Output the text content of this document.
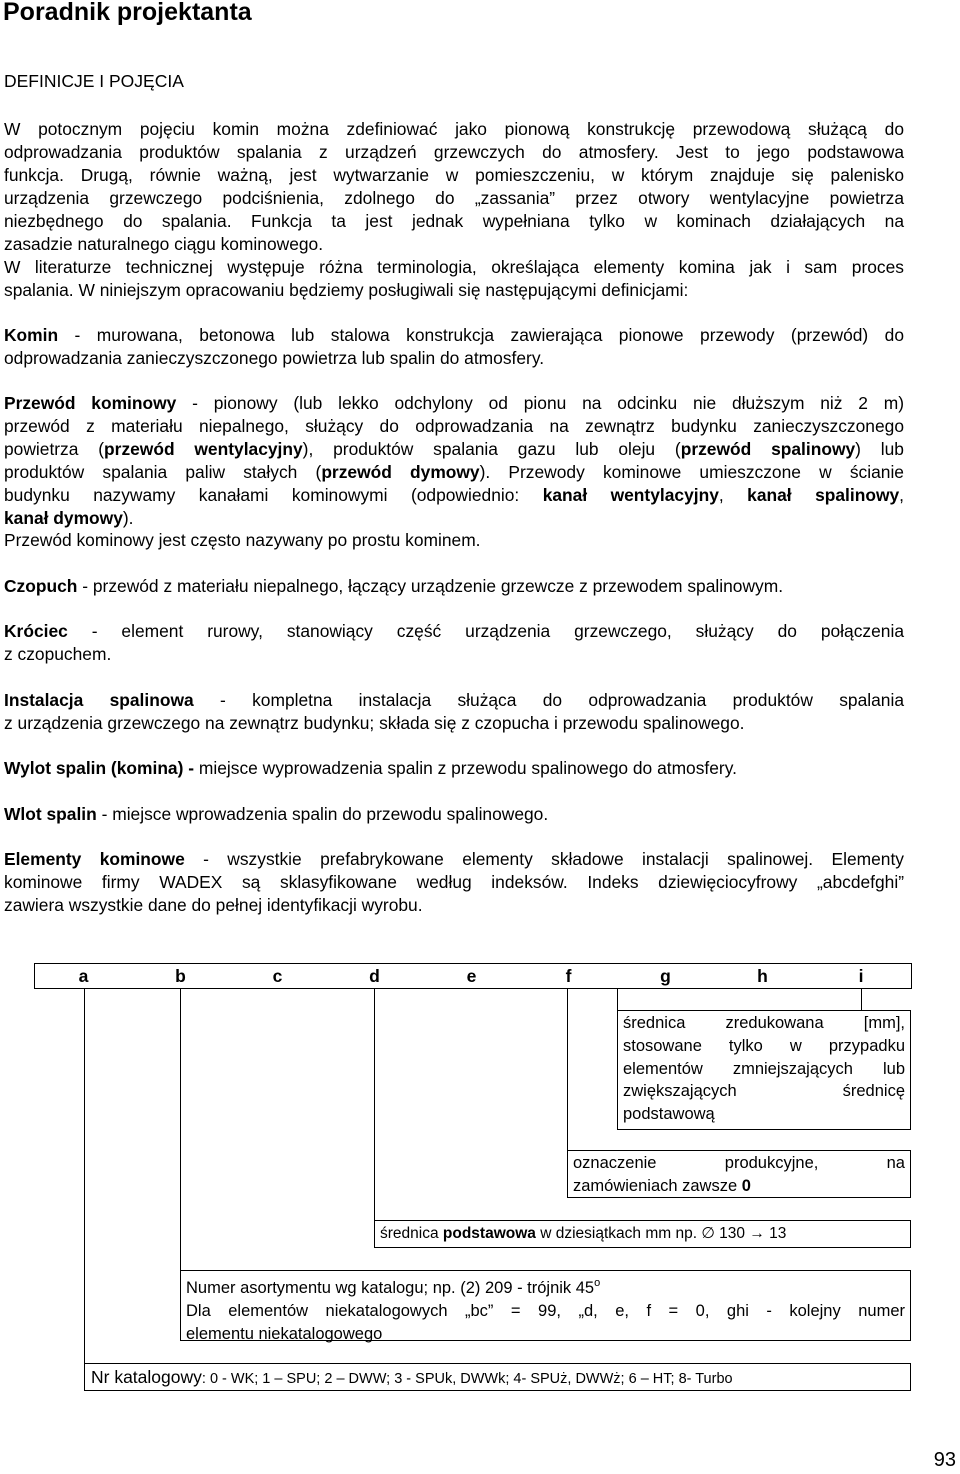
Poradnik projektanta
DEFINICJE I POJĘCIA
W potocznym pojęciu komin można zdefiniować jako pionową konstrukcję przewodową służącą do
odprowadzania produktów spalania z urządzeń grzewczych do atmosfery. Jest to jego podstawowa
funkcja. Drugą, równie ważną, jest wytwarzanie w pomieszczeniu, w którym znajduje się palenisko
urządzenia grzewczego podciśnienia, zdolnego do „zassania” przez otwory wentylacyjne powietrza
niezbędnego do spalania. Funkcja ta jest jednak wypełniana tylko w kominach działających na
zasadzie naturalnego ciągu kominowego.
W literaturze technicznej występuje różna terminologia, określająca elementy komina jak i sam proces
spalania. W niniejszym opracowaniu będziemy posługiwali się następującymi definicjami:
Komin - murowana, betonowa lub stalowa konstrukcja zawierająca pionowe przewody (przewód) do
odprowadzania zanieczyszczonego powietrza lub spalin do atmosfery.
Przewód kominowy - pionowy (lub lekko odchylony od pionu na odcinku nie dłuższym niż 2 m)
przewód z materiału niepalnego, służący do odprowadzania na zewnątrz budynku zanieczyszczonego
powietrza (przewód wentylacyjny), produktów spalania gazu lub oleju (przewód spalinowy) lub
produktów spalania paliw stałych (przewód dymowy). Przewody kominowe umieszczone w ścianie
budynku nazywamy kanałami kominowymi (odpowiednio: kanał wentylacyjny, kanał spalinowy,
kanał dymowy).
Przewód kominowy jest często nazywany po prostu kominem.
Czopuch - przewód z materiału niepalnego, łączący urządzenie grzewcze z przewodem spalinowym.
Króciec - element rurowy, stanowiący część urządzenia grzewczego, służący do połączenia
z czopuchem.
Instalacja spalinowa - kompletna instalacja służąca do odprowadzania produktów spalania
z urządzenia grzewczego na zewnątrz budynku; składa się z czopucha i przewodu spalinowego.
Wylot spalin (komina) - miejsce wyprowadzenia spalin z przewodu spalinowego do atmosfery.
Wlot spalin - miejsce wprowadzenia spalin do przewodu spalinowego.
Elementy kominowe - wszystkie prefabrykowane elementy składowe instalacji spalinowej. Elementy
kominowe firmy WADEX są sklasyfikowane według indeksów. Indeks dziewięciocyfrowy „abcdefghi”
zawiera wszystkie dane do pełnej identyfikacji wyrobu.
a	b	c	d	e	f	g	h	i
średnica zredukowana [mm],
stosowane tylko w przypadku
elementów zmniejszających lub
zwiększających średnicę
podstawową
oznaczenie produkcyjne, na
zamówieniach zawsze 0
średnica podstawowa w dziesiątkach mm np. ∅ 130 → 13
Numer asortymentu wg katalogu; np. (2) 209 - trójnik 45$^o$
Dla elementów niekatalogowych „bc” = 99, „d, e, f = 0, ghi - kolejny numer
elementu niekatalogowego
Nr katalogowy: 0 - WK; 1 – SPU; 2 – DWW; 3 - SPUk, DWWk; 4- SPUż, DWWż; 6 – HT; 8- Turbo
93
